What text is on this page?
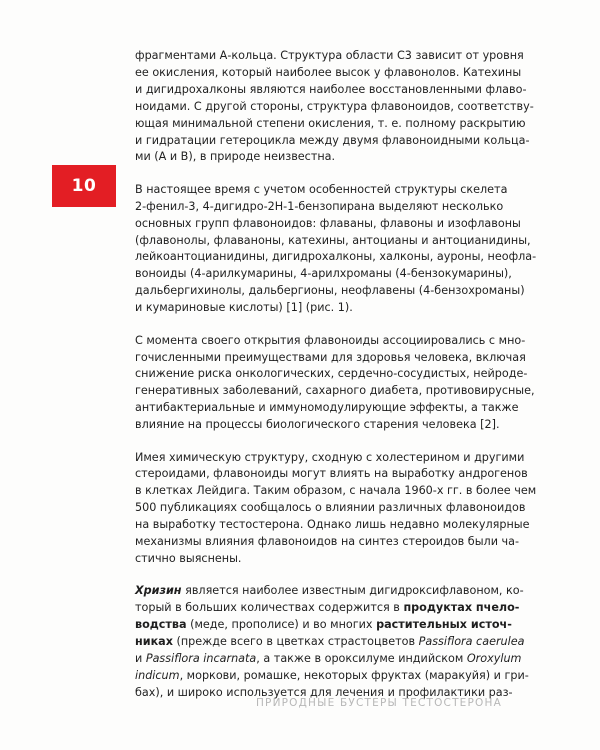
10

фрагментами А-кольца. Структура области С3 зависит от уровня
ее окисления, который наиболее высок у флавонолов. Катехины
и дигидрохалконы являются наиболее восстановленными флаво-
ноидами. С другой стороны, структура флавоноидов, соответству-
ющая минимальной степени окисления, т. е. полному раскрытию
и гидратации гетероцикла между двумя флавоноидными кольца-
ми (А и В), в природе неизвестна.

В настоящее время с учетом особенностей структуры скелета
2-фенил-3, 4-дигидро-2Н-1-бензопирана выделяют несколько
основных групп флавоноидов: флаваны, флавоны и изофлавоны
(флавонолы, флаваноны, катехины, антоцианы и антоцианидины,
лейкоантоцианидины, дигидрохалконы, халконы, ауроны, неофла-
воноиды (4-арилкумарины, 4-арилхроманы (4-бензокумарины),
дальбергихинолы, дальбергионы, неофлавены (4-бензохроманы)
и кумариновые кислоты) [1] (рис. 1).

С момента своего открытия флавоноиды ассоциировались с мно-
гочисленными преимуществами для здоровья человека, включая
снижение риска онкологических, сердечно-сосудистых, нейроде-
генеративных заболеваний, сахарного диабета, противовирусные,
антибактериальные и иммуномодулирующие эффекты, а также
влияние на процессы биологического старения человека [2].

Имея химическую структуру, сходную с холестерином и другими
стероидами, флавоноиды могут влиять на выработку андрогенов
в клетках Лейдига. Таким образом, с начала 1960-х гг. в более чем
500 публикациях сообщалось о влиянии различных флавоноидов
на выработку тестостерона. Однако лишь недавно молекулярные
механизмы влияния флавоноидов на синтез стероидов были ча-
стично выяснены.

Хризин является наиболее известным дигидроксифлавоном, ко-
торый в больших количествах содержится в продуктах пчело-
водства (меде, прополисе) и во многих растительных источ-
никах (прежде всего в цветках страстоцветов Passiflora caerulea
и Passiflora incarnata, а также в ороксилуме индийском Oroxylum
indicum, моркови, ромашке, некоторых фруктах (маракуйя) и гри-
бах), и широко используется для лечения и профилактики раз-

ПРИРОДНЫЕ БУСТЕРЫ ТЕСТОСТЕРОНА
